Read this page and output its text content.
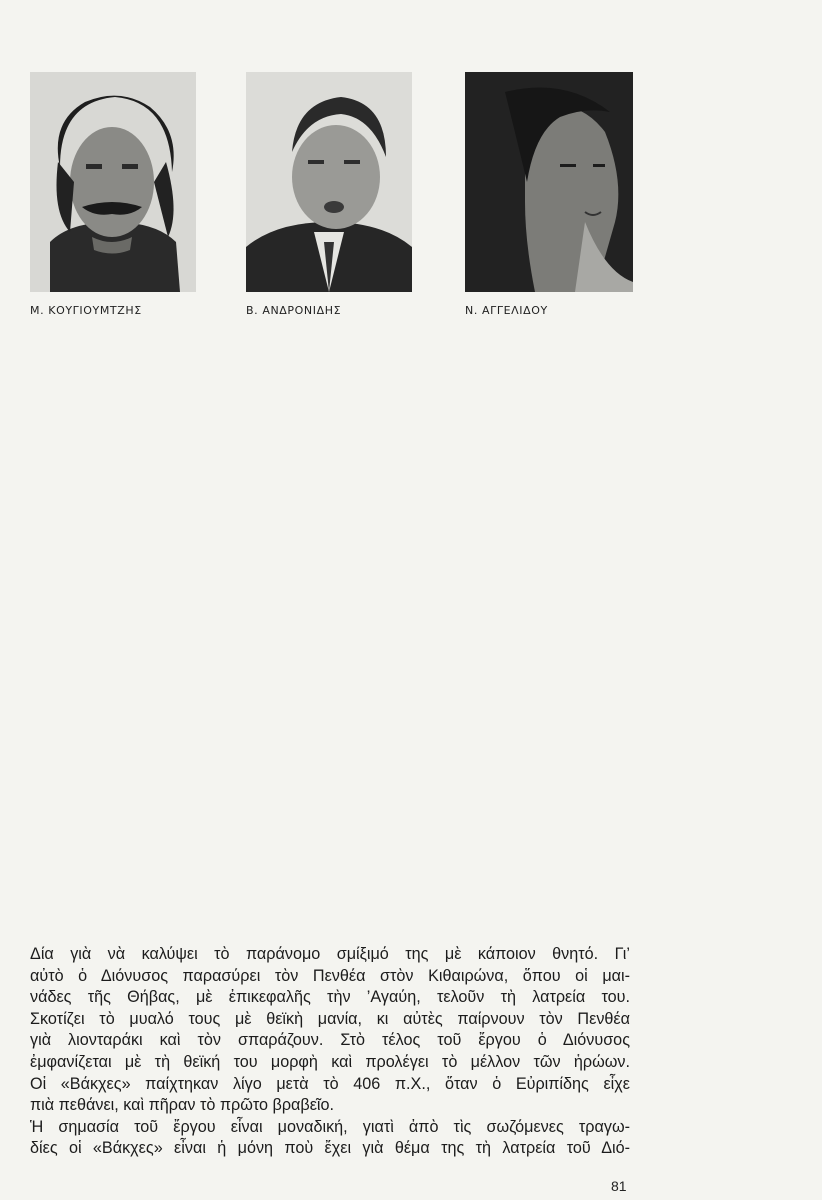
Μ. ΚΟΥΓΙΟΥΜΤΖΗΣ	Β. ΑΝΔΡΟΝΙΔΗΣ	Ν. ΑΓΓΕΛΙΔΟΥ
Δία γιὰ νὰ καλύψει τὸ παράνομο σμίξιμό της μὲ κάποιον θνητό. Γι’
αὐτὸ ὁ Διόνυσος παρασύρει τὸν Πενθέα στὸν Κιθαιρώνα, ὅπου οἱ μαι-
νάδες τῆς Θήβας, μὲ ἐπικεφαλῆς τὴν ’Αγαύη, τελοῦν τὴ λατρεία του.
Σκοτίζει τὸ μυαλό τους μὲ θεϊκὴ μανία, κι αὐτὲς παίρνουν τὸν Πενθέα
γιὰ λιονταράκι καὶ τὸν σπαράζουν. Στὸ τέλος τοῦ ἔργου ὁ Διόνυσος
ἐμφανίζεται μὲ τὴ θεϊκή του μορφὴ καὶ προλέγει τὸ μέλλον τῶν ἡρώων.
Οἱ «Βάκχες» παίχτηκαν λίγο μετὰ τὸ 406 π.Χ., ὅταν ὁ Εὐριπίδης εἶχε
πιὰ πεθάνει, καὶ πῆραν τὸ πρῶτο βραβεῖο.
Ἡ σημασία τοῦ ἔργου εἶναι μοναδική, γιατὶ ἀπὸ τὶς σωζόμενες τραγω-
δίες οἱ «Βάκχες» εἶναι ἡ μόνη ποὺ ἔχει γιὰ θέμα της τὴ λατρεία τοῦ Διό-
81
